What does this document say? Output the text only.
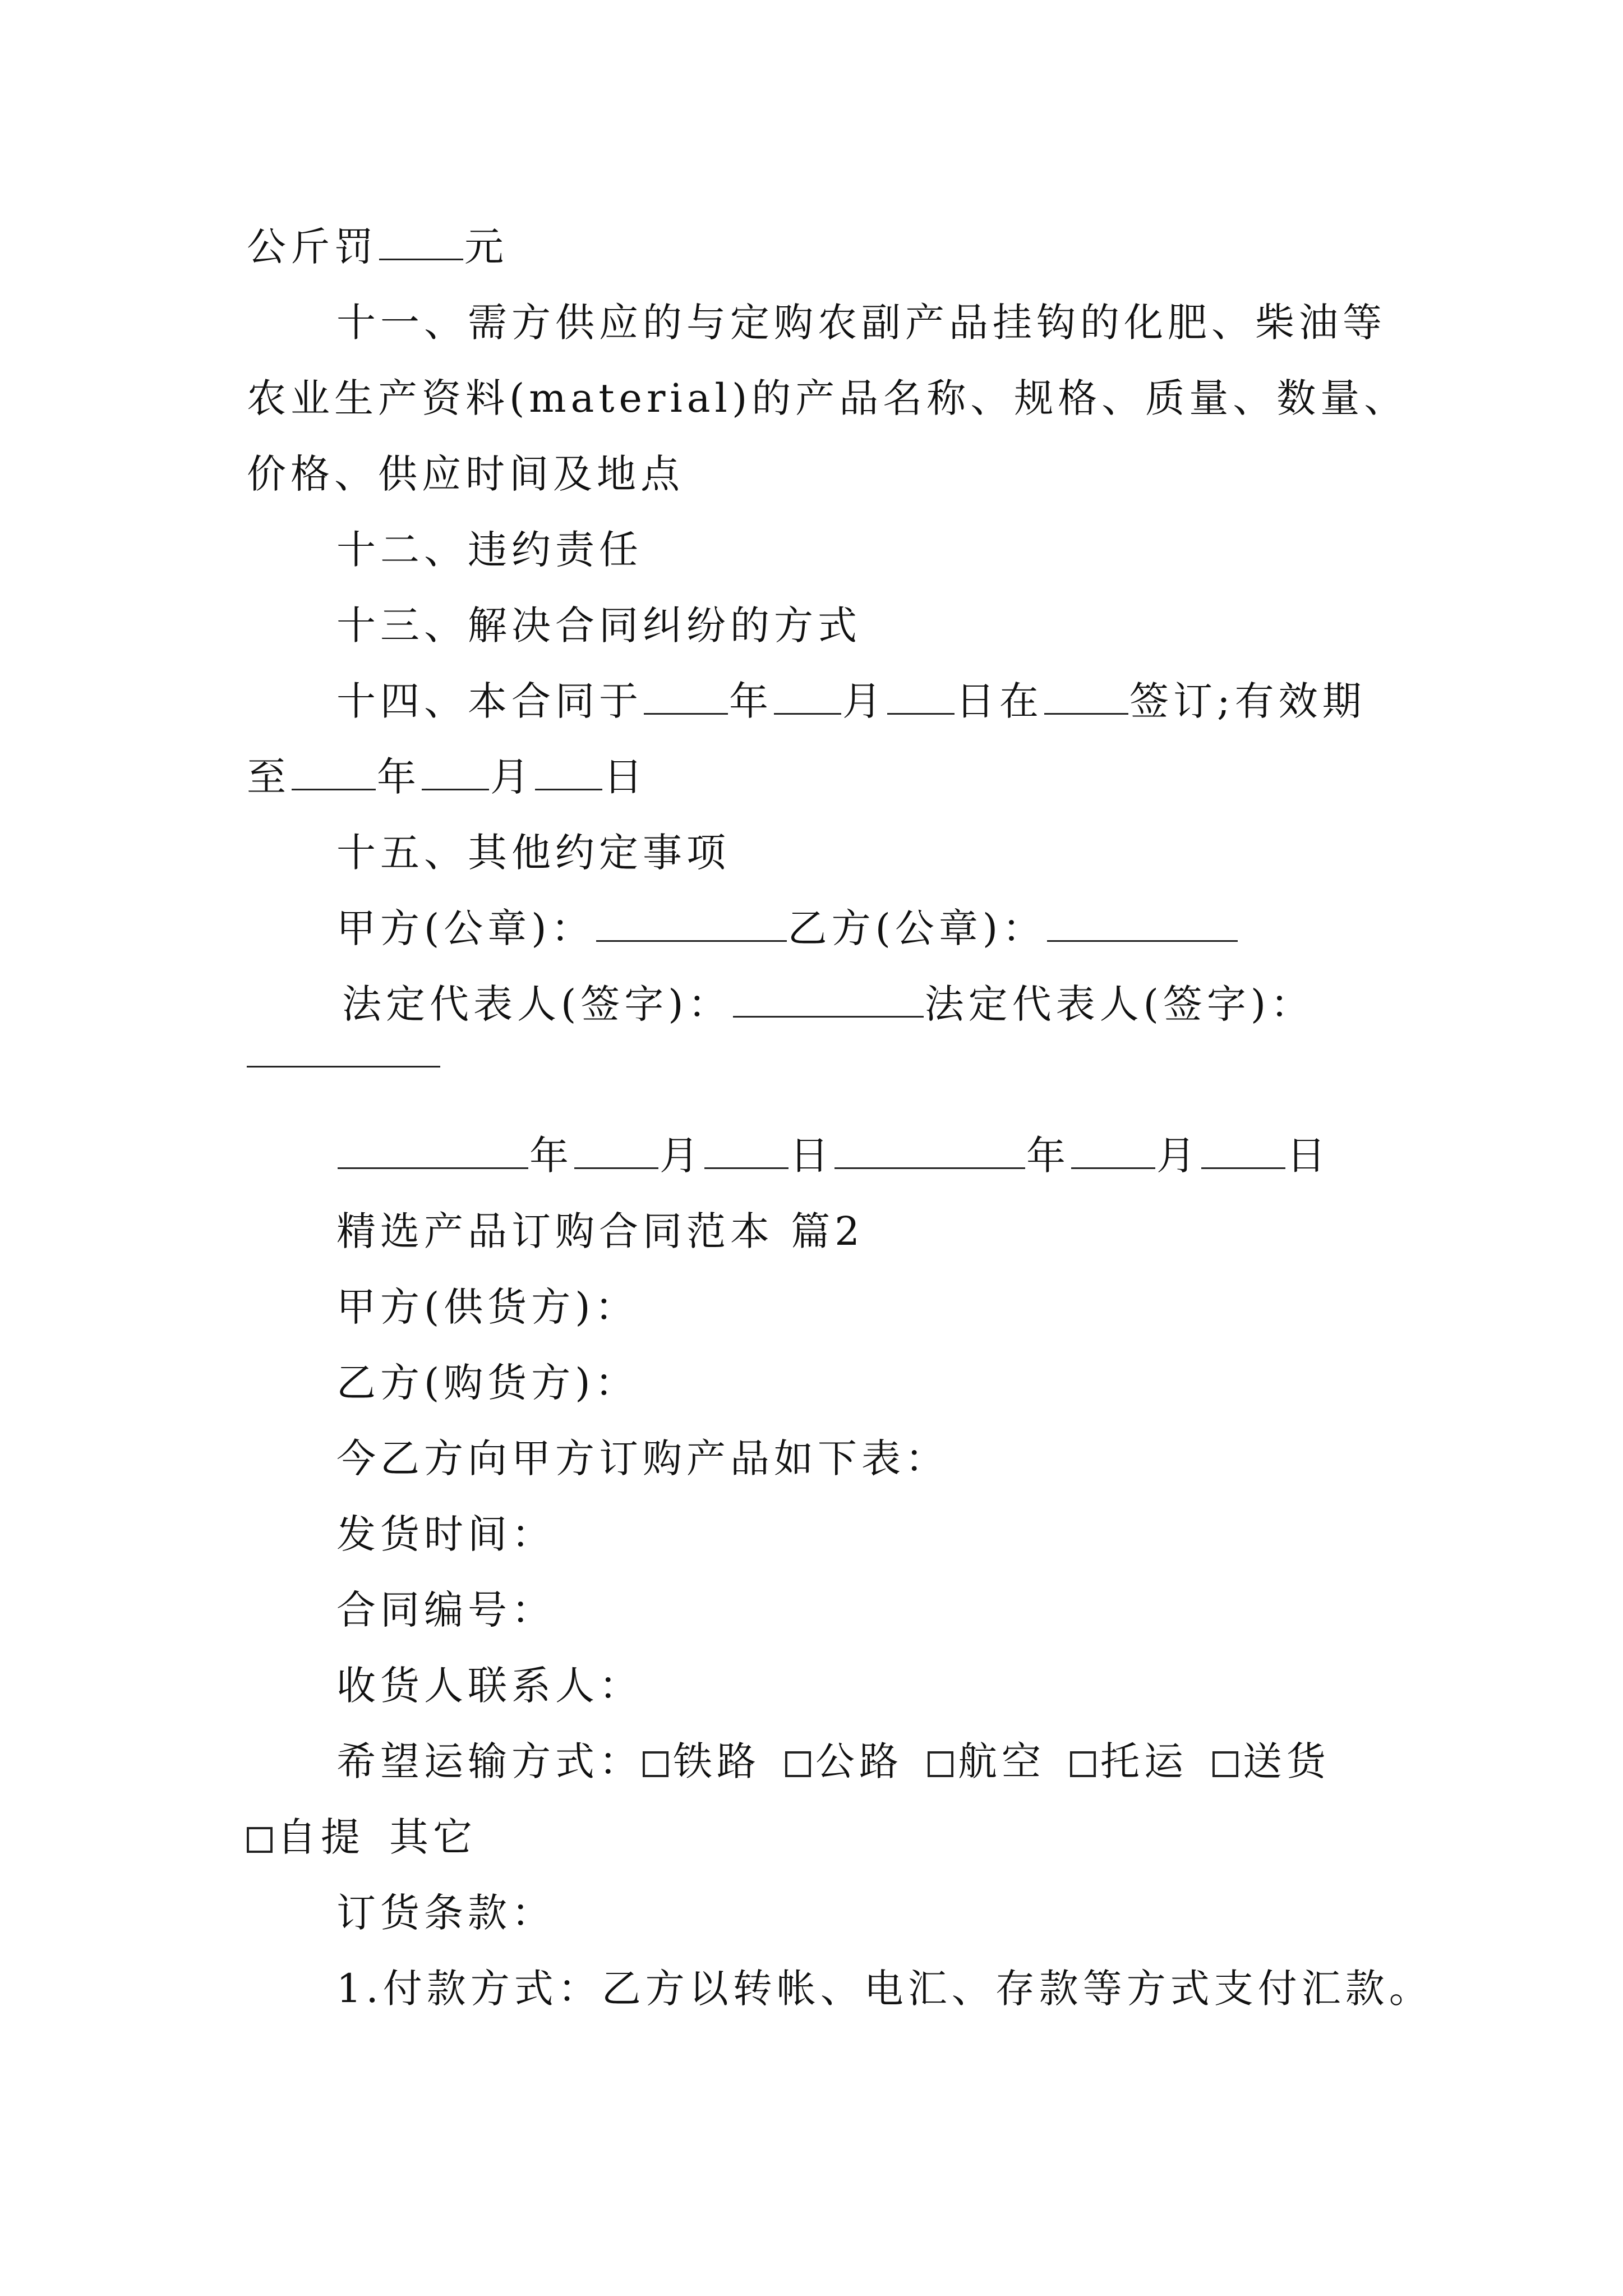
公斤罚 元
十一、需方供应的与定购农副产品挂钩的化肥、柴油等
农业生产资料(material)的产品名称、规格、质量、数量、
价格、供应时间及地点
十二、违约责任
十三、解决合同纠纷的方式
十四、本合同于 年 月 日在 签订;有效期
至 年 月 日
十五、其他约定事项
甲方(公章)：	乙方(公章)：
法定代表人(签字)：	法定代表人(签字)：
年 月 日	年 月 日
精选产品订购合同范本 篇2
甲方(供货方)：
乙方(购货方)：
今乙方向甲方订购产品如下表：
发货时间：
合同编号：
收货人联系人：
希望运输方式： 铁路 公路 航空 托运 送货
自提 其它
订货条款：
1.付款方式：乙方以转帐、电汇、存款等方式支付汇款。
